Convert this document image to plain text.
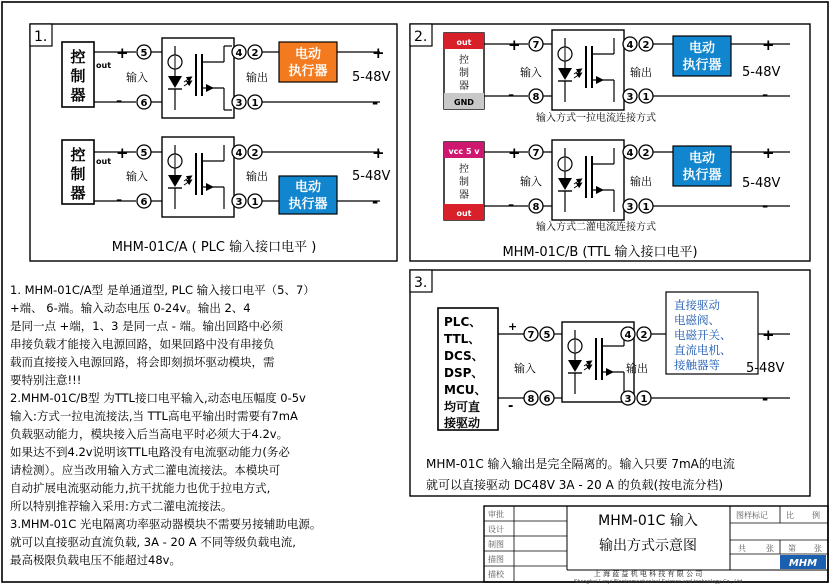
1.
控
制
器
out
+
-
5
6
输入
4 2
3 1
输出
电动
执行器
+
-
5-48V
控
制
器
out +
-
5
6
输入
4 2
3 1
输出
电动
执行器
+
-
5-48V
MHM-01C/A ( PLC 输入接口电平 )
2.	out
控
制
器
GND
+
-
7
8
输入
4 2
3 1
输出
电动
执行器
+
-
5-48V
输入方式一拉电流连接方式
vcc 5 v
控
制
器
out
+
-
7
8
输入
4 2
3 1
输出
电动
执行器
+
-
5-48V
输入方式二灌电流连接方式
MHM-01C/B (TTL 输入接口电平)
3.
PLC、
TTL、
DCS、
DSP、
MCU、
均可直
接驱动
+
-
7 5
8 6
输入
4 2
3 1
输出
直接驱动
电磁阀、
电磁开关、
直流电机、
接触器等
+
-
5-48V
MHM-01C 输入输出是完全隔离的。输入只要 7mA的电流
就可以直接驱动 DC48V 3A - 20 A 的负载(按电流分档)
审批
设计
制图
描图
描校
MHM-01C 输入
输出方式示意图
图样标记 比 例
共	张 第 张
MHM
上 海 蓝 益 机 电 科 技 有 限 公 司
Shanghai Lanyi Electromechanical Science and technology Co., Ltd
1. MHM-01C/A型 是单通道型, PLC 输入接口电平（5、7）
+端、 6-端。输入动态电压 0-24v。输出 2、4
是同一点 +端，1、3 是同一点 - 端。输出回路中必须
串接负载才能接入电源回路，如果回路中没有串接负
载而直接接入电源回路，将会即刻损坏驱动模块，需
要特别注意!!!
2.MHM-01C/B型 为TTL接口电平输入,动态电压幅度 0-5v
输入:方式一拉电流接法,当 TTL高电平输出时需要有7mA
负载驱动能力，模块接入后当高电平时必须大于4.2v。
如果达不到4.2v说明该TTL电路没有电流驱动能力(务必
请检测）。应当改用输入方式二灌电流接法。本模块可
自动扩展电流驱动能力,抗干扰能力也优于拉电方式,
所以特别推荐输入采用:方式二灌电流接法。
3.MHM-01C 光电隔离功率驱动器模块不需要另接辅助电源。
就可以直接驱动直流负载, 3A - 20 A 不同等级负载电流,
最高极限负载电压不能超过48v。
